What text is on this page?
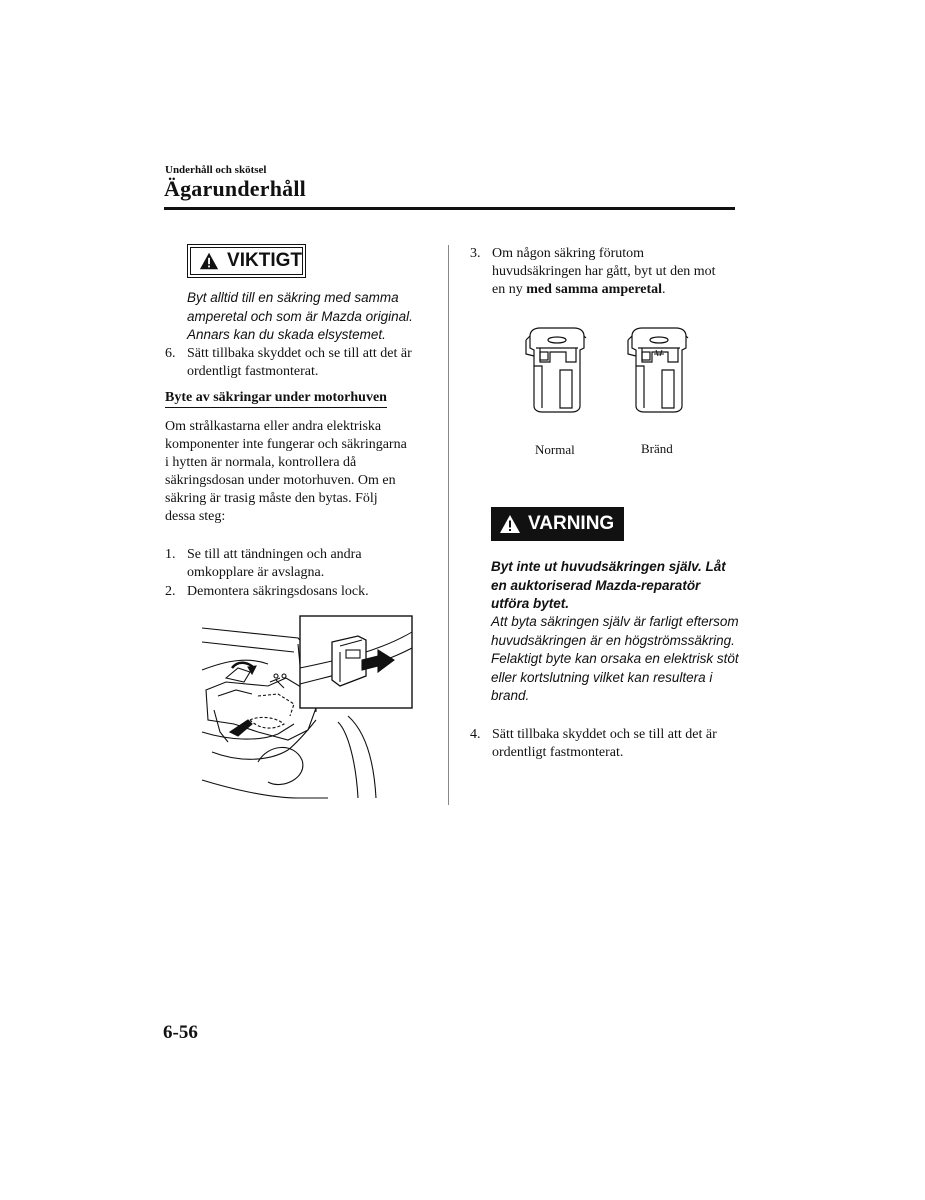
Underhåll och skötsel
Ägarunderhåll
VIKTIGT
Byt alltid till en säkring med samma amperetal och som är Mazda original. Annars kan du skada elsystemet.
6. Sätt tillbaka skyddet och se till att det är ordentligt fastmonterat.
Byte av säkringar under motorhuven
Om strålkastarna eller andra elektriska komponenter inte fungerar och säkringarna i hytten är normala, kontrollera då säkringsdosan under motorhuven. Om en säkring är trasig måste den bytas. Följ dessa steg:
1. Se till att tändningen och andra omkopplare är avslagna.
2. Demontera säkringsdosans lock.
3. Om någon säkring förutom huvudsäkringen har gått, byt ut den mot en ny med samma amperetal.
Normal	Bränd
VARNING
Byt inte ut huvudsäkringen själv. Låt en auktoriserad Mazda-reparatör utföra bytet.
Att byta säkringen själv är farligt eftersom huvudsäkringen är en högströmssäkring. Felaktigt byte kan orsaka en elektrisk stöt eller kortslutning vilket kan resultera i brand.
4. Sätt tillbaka skyddet och se till att det är ordentligt fastmonterat.
6-56
